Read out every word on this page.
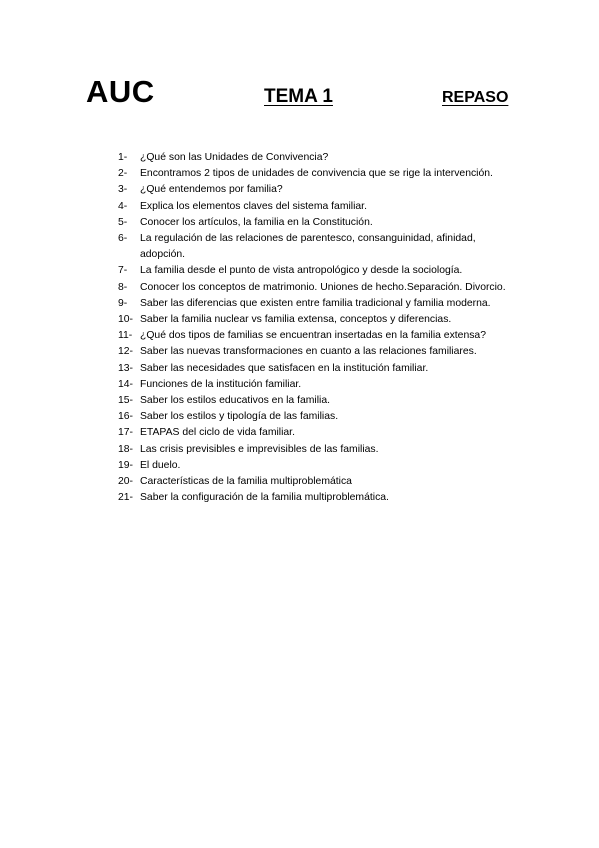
AUC	TEMA 1	REPASO
1-	¿Qué son las Unidades de Convivencia?
2-	Encontramos 2 tipos de unidades de convivencia que se rige la intervención.
3-	¿Qué entendemos por familia?
4-	Explica los elementos claves del sistema familiar.
5-	Conocer los artículos, la familia en la Constitución.
6-	La regulación de las relaciones de parentesco, consanguinidad, afinidad, adopción.
7-	La familia desde el punto de vista antropológico y desde la sociología.
8-	Conocer los conceptos de matrimonio. Uniones de hecho.Separación. Divorcio.
9-	Saber las diferencias que existen entre familia tradicional y familia moderna.
10- Saber la familia nuclear vs familia extensa, conceptos y diferencias.
11- ¿Qué dos tipos de familias se encuentran insertadas en la familia extensa?
12- Saber las nuevas transformaciones en cuanto a las relaciones familiares.
13- Saber las necesidades que satisfacen en la institución familiar.
14- Funciones de la institución familiar.
15- Saber los estilos educativos en la familia.
16- Saber los estilos y tipología de las familias.
17- ETAPAS del ciclo de vida familiar.
18- Las crisis previsibles e imprevisibles de las familias.
19- El duelo.
20- Características de la familia multiproblemática
21- Saber la configuración de la familia multiproblemática.
